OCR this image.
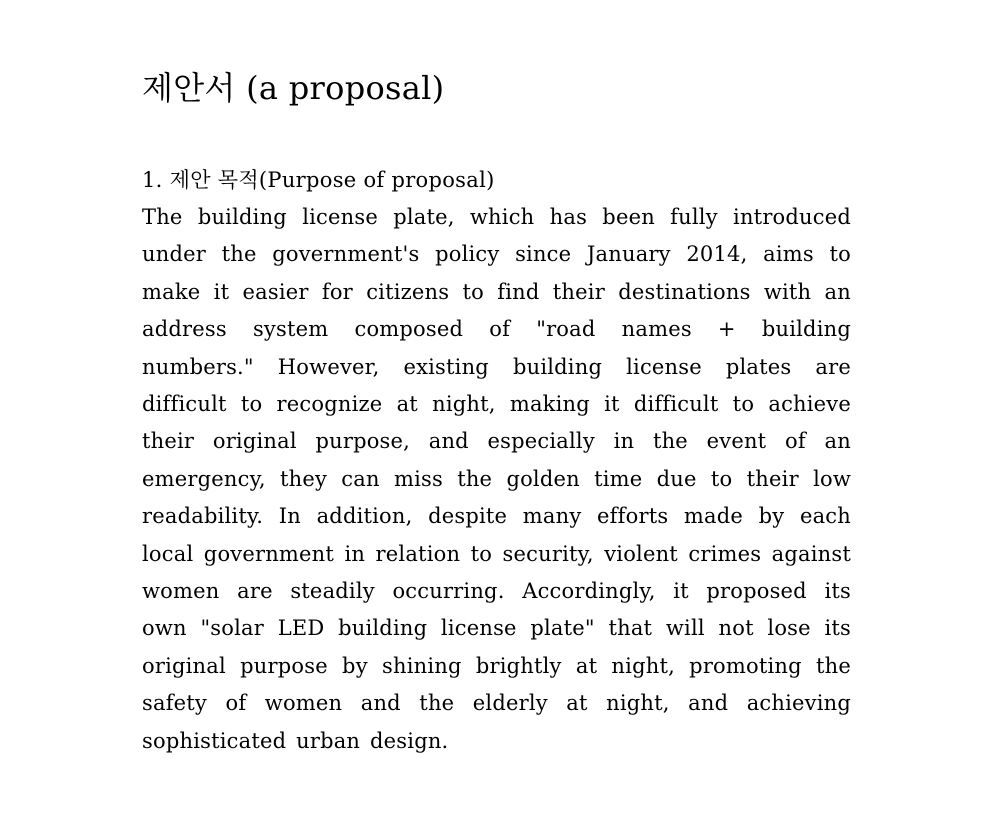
제안서 (a proposal)
1. 제안 목적(Purpose of proposal)

The building license plate, which has been fully introduced under the government's policy since January 2014, aims to make it easier for citizens to find their destinations with an address system composed of "road names + building numbers." However, existing building license plates are difficult to recognize at night, making it difficult to achieve their original purpose, and especially in the event of an emergency, they can miss the golden time due to their low readability. In addition, despite many efforts made by each local government in relation to security, violent crimes against women are steadily occurring. Accordingly, it proposed its own "solar LED building license plate" that will not lose its original purpose by shining brightly at night, promoting the safety of women and the elderly at night, and achieving sophisticated urban design.
